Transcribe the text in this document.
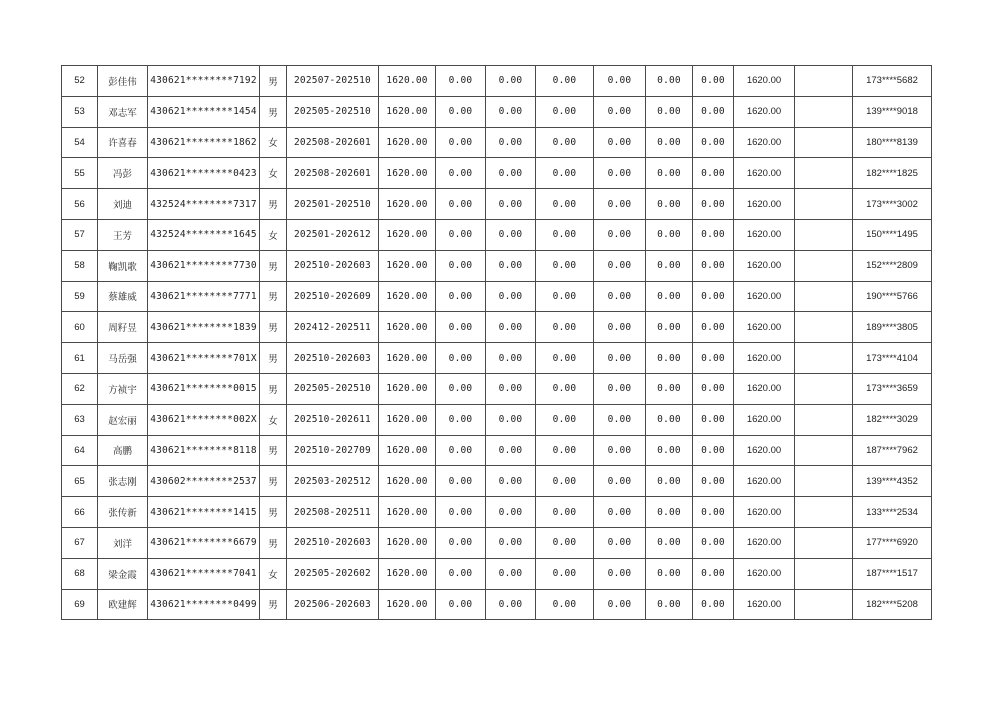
52	彭佳伟	430621********7192	男	202507-202510	1620.00	0.00	0.00	0.00	0.00	0.00	0.00	1620.00		173****5682
53	邓志军	430621********1454	男	202505-202510	1620.00	0.00	0.00	0.00	0.00	0.00	0.00	1620.00		139****9018
54	许喜春	430621********1862	女	202508-202601	1620.00	0.00	0.00	0.00	0.00	0.00	0.00	1620.00		180****8139
55	冯彭	430621********0423	女	202508-202601	1620.00	0.00	0.00	0.00	0.00	0.00	0.00	1620.00		182****1825
56	刘迪	432524********7317	男	202501-202510	1620.00	0.00	0.00	0.00	0.00	0.00	0.00	1620.00		173****3002
57	王芳	432524********1645	女	202501-202612	1620.00	0.00	0.00	0.00	0.00	0.00	0.00	1620.00		150****1495
58	鞠凯歌	430621********7730	男	202510-202603	1620.00	0.00	0.00	0.00	0.00	0.00	0.00	1620.00		152****2809
59	蔡雄威	430621********7771	男	202510-202609	1620.00	0.00	0.00	0.00	0.00	0.00	0.00	1620.00		190****5766
60	周籽昱	430621********1839	男	202412-202511	1620.00	0.00	0.00	0.00	0.00	0.00	0.00	1620.00		189****3805
61	马岳强	430621********701X	男	202510-202603	1620.00	0.00	0.00	0.00	0.00	0.00	0.00	1620.00		173****4104
62	方祯宇	430621********0015	男	202505-202510	1620.00	0.00	0.00	0.00	0.00	0.00	0.00	1620.00		173****3659
63	赵宏丽	430621********002X	女	202510-202611	1620.00	0.00	0.00	0.00	0.00	0.00	0.00	1620.00		182****3029
64	高鹏	430621********8118	男	202510-202709	1620.00	0.00	0.00	0.00	0.00	0.00	0.00	1620.00		187****7962
65	张志刚	430602********2537	男	202503-202512	1620.00	0.00	0.00	0.00	0.00	0.00	0.00	1620.00		139****4352
66	张传新	430621********1415	男	202508-202511	1620.00	0.00	0.00	0.00	0.00	0.00	0.00	1620.00		133****2534
67	刘洋	430621********6679	男	202510-202603	1620.00	0.00	0.00	0.00	0.00	0.00	0.00	1620.00		177****6920
68	梁金霞	430621********7041	女	202505-202602	1620.00	0.00	0.00	0.00	0.00	0.00	0.00	1620.00		187****1517
69	欧建辉	430621********0499	男	202506-202603	1620.00	0.00	0.00	0.00	0.00	0.00	0.00	1620.00		182****5208
